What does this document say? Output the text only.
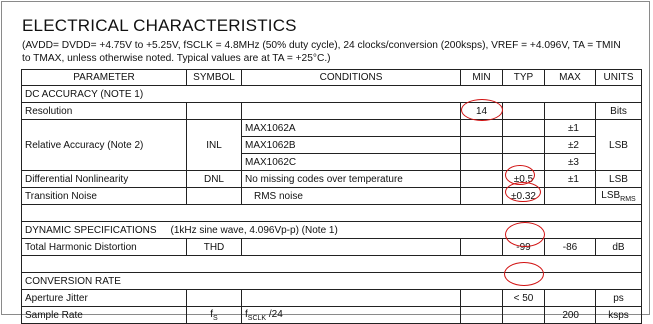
ELECTRICAL CHARACTERISTICS
(AVDD= DVDD= +4.75V to +5.25V, fSCLK = 4.8MHz (50% duty cycle), 24 clocks/conversion (200ksps), VREF = +4.096V, TA = TMIN
to TMAX, unless otherwise noted. Typical values are at TA = +25°C.)
PARAMETER	SYMBOL	CONDITIONS	MIN	TYP	MAX	UNITS
DC ACCURACY (NOTE 1)						
Resolution			14			Bits
Relative Accuracy (Note 2)	INL	MAX1062A			±1	LSB
		MAX1062B			±2	
		MAX1062C			±3	
Differential Nonlinearity	DNL	No missing codes over temperature		±0.5	±1	LSB
Transition Noise		RMS noise		±0.32		$LSB_{RMS}$

DYNAMIC SPECIFICATIONS (1kHz sine wave, 4.096Vp-p) (Note 1)						
Total Harmonic Distortion	THD			-99	-86	dB

CONVERSION RATE						
Aperture Jitter				< 50		ps
Sample Rate	$f_S$	$f_{SCLK}$ /24			200	ksps
